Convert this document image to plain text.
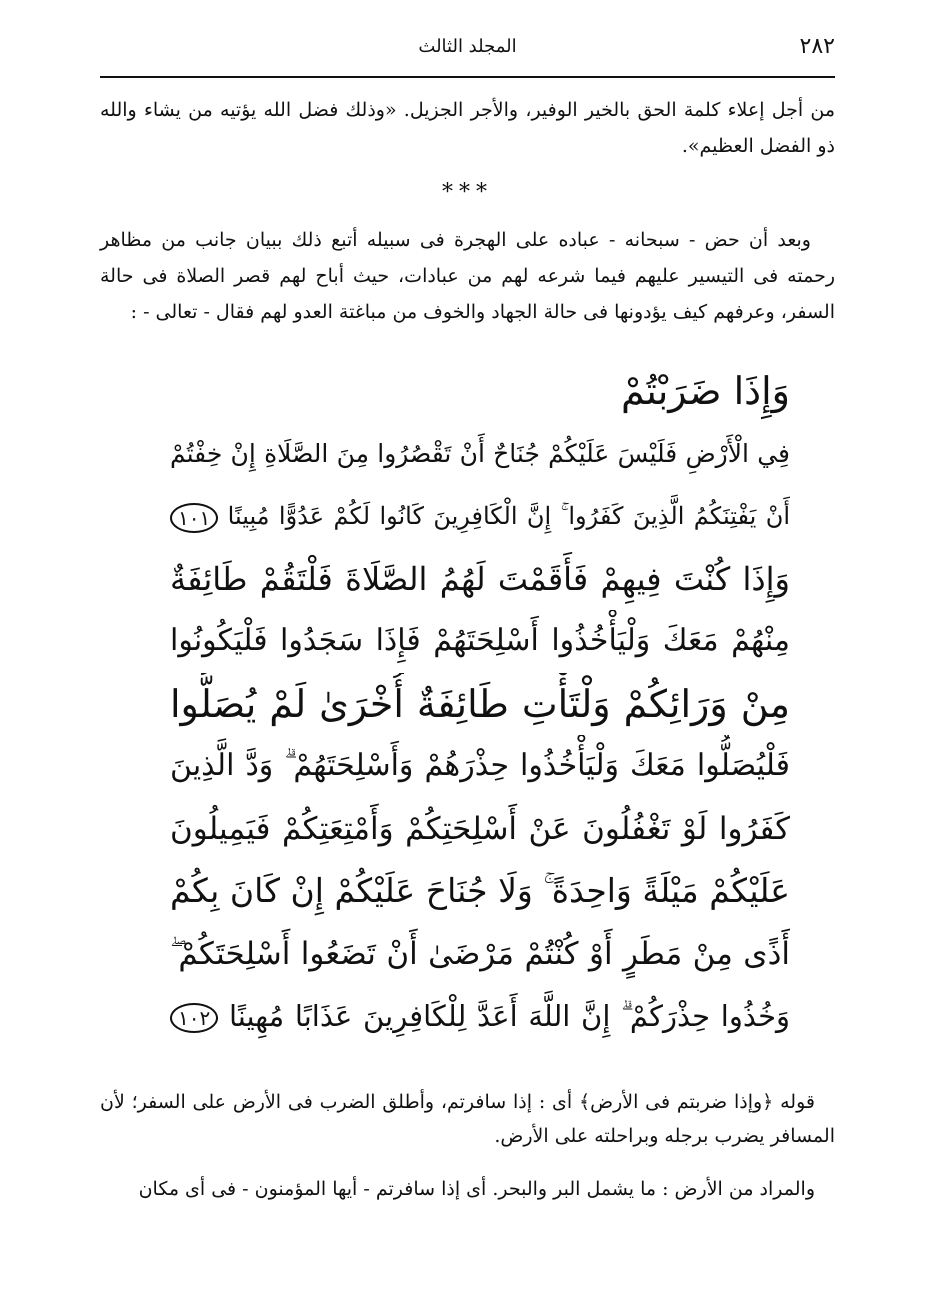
٢٨٢
المجلد الثالث
من أجل إعلاء كلمة الحق بالخير الوفير، والأجر الجزيل. «وذلك فضل الله يؤتيه من يشاء والله ذو الفضل العظيم».
***
وبعد أن حض - سبحانه - عباده على الهجرة فى سبيله أتبع ذلك ببيان جانب من مظاهر رحمته فى التيسير عليهم فيما شرعه لهم من عبادات، حيث أباح لهم قصر الصلاة فى حالة السفر، وعرفهم كيف يؤدونها فى حالة الجهاد والخوف من مباغتة العدو لهم فقال - تعالى - :
وَإِذَا ضَرَبْتُمْ
فِي الْأَرْضِ فَلَيْسَ عَلَيْكُمْ جُنَاحٌ أَنْ تَقْصُرُوا مِنَ الصَّلَاةِ إِنْ خِفْتُمْ
أَنْ يَفْتِنَكُمُ الَّذِينَ كَفَرُوا ۚ إِنَّ الْكَافِرِينَ كَانُوا لَكُمْ عَدُوًّا مُبِينًا ١٠١
وَإِذَا كُنْتَ فِيهِمْ فَأَقَمْتَ لَهُمُ الصَّلَاةَ فَلْتَقُمْ طَائِفَةٌ
مِنْهُمْ مَعَكَ وَلْيَأْخُذُوا أَسْلِحَتَهُمْ فَإِذَا سَجَدُوا فَلْيَكُونُوا
مِنْ وَرَائِكُمْ وَلْتَأْتِ طَائِفَةٌ أُخْرَىٰ لَمْ يُصَلُّوا
فَلْيُصَلُّوا مَعَكَ وَلْيَأْخُذُوا حِذْرَهُمْ وَأَسْلِحَتَهُمْ ۗ وَدَّ الَّذِينَ
كَفَرُوا لَوْ تَغْفُلُونَ عَنْ أَسْلِحَتِكُمْ وَأَمْتِعَتِكُمْ فَيَمِيلُونَ
عَلَيْكُمْ مَيْلَةً وَاحِدَةً ۚ وَلَا جُنَاحَ عَلَيْكُمْ إِنْ كَانَ بِكُمْ
أَذًى مِنْ مَطَرٍ أَوْ كُنْتُمْ مَرْضَىٰ أَنْ تَضَعُوا أَسْلِحَتَكُمْ ۖ
وَخُذُوا حِذْرَكُمْ ۗ إِنَّ اللَّهَ أَعَدَّ لِلْكَافِرِينَ عَذَابًا مُهِينًا ١٠٢
قوله ﴿وإذا ضربتم فى الأرض﴾ أى : إذا سافرتم، وأطلق الضرب فى الأرض على السفر؛ لأن المسافر يضرب برجله وبراحلته على الأرض.
والمراد من الأرض : ما يشمل البر والبحر. أى إذا سافرتم - أيها المؤمنون - فى أى مكان
